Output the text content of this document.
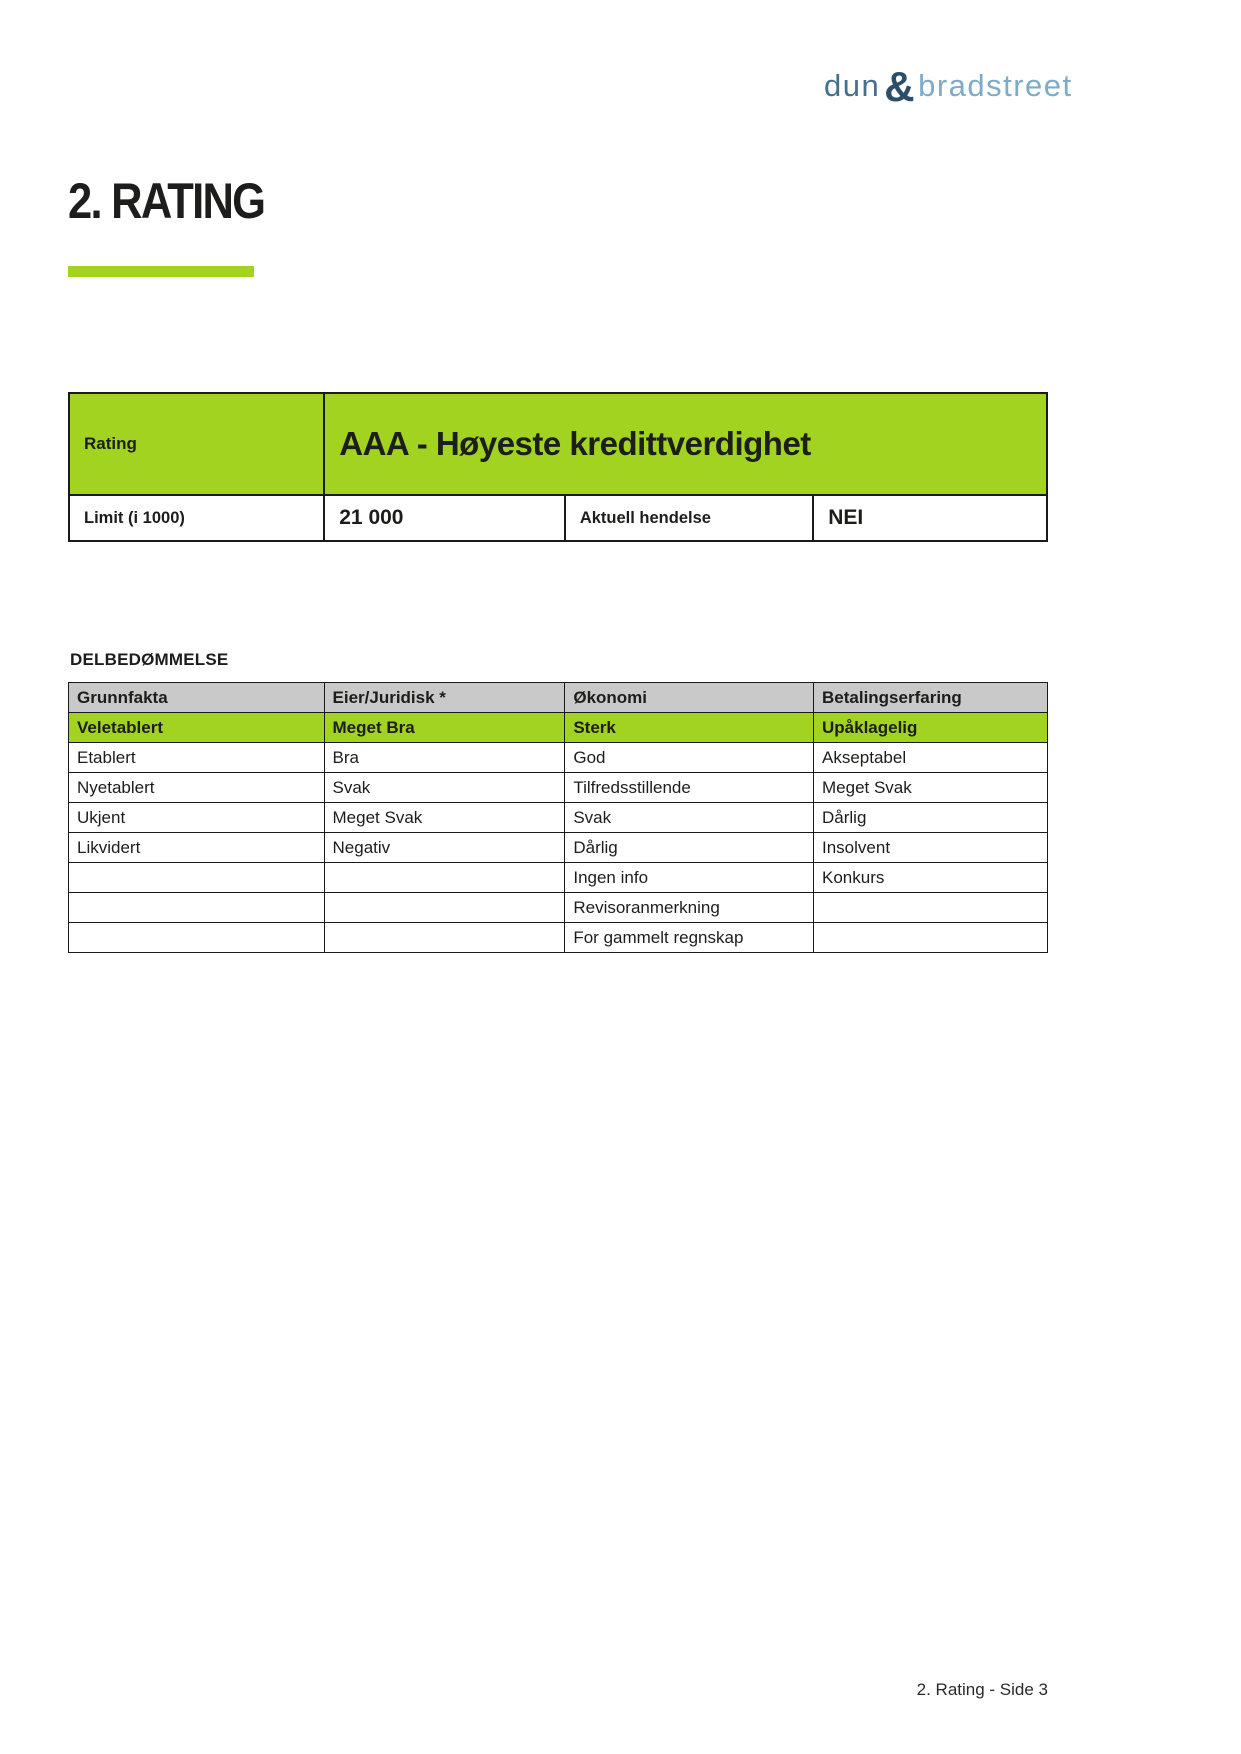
dun&bradstreet
2. RATING
Rating	AAA - Høyeste kredittverdighet		
Limit (i 1000)	21 000	Aktuell hendelse	NEI
DELBEDØMMELSE
Grunnfakta	Eier/Juridisk *	Økonomi	Betalingserfaring
Veletablert	Meget Bra	Sterk	Upåklagelig
Etablert	Bra	God	Akseptabel
Nyetablert	Svak	Tilfredsstillende	Meget Svak
Ukjent	Meget Svak	Svak	Dårlig
Likvidert	Negativ	Dårlig	Insolvent
		Ingen info	Konkurs
		Revisoranmerkning	
		For gammelt regnskap	
2. Rating - Side 3
